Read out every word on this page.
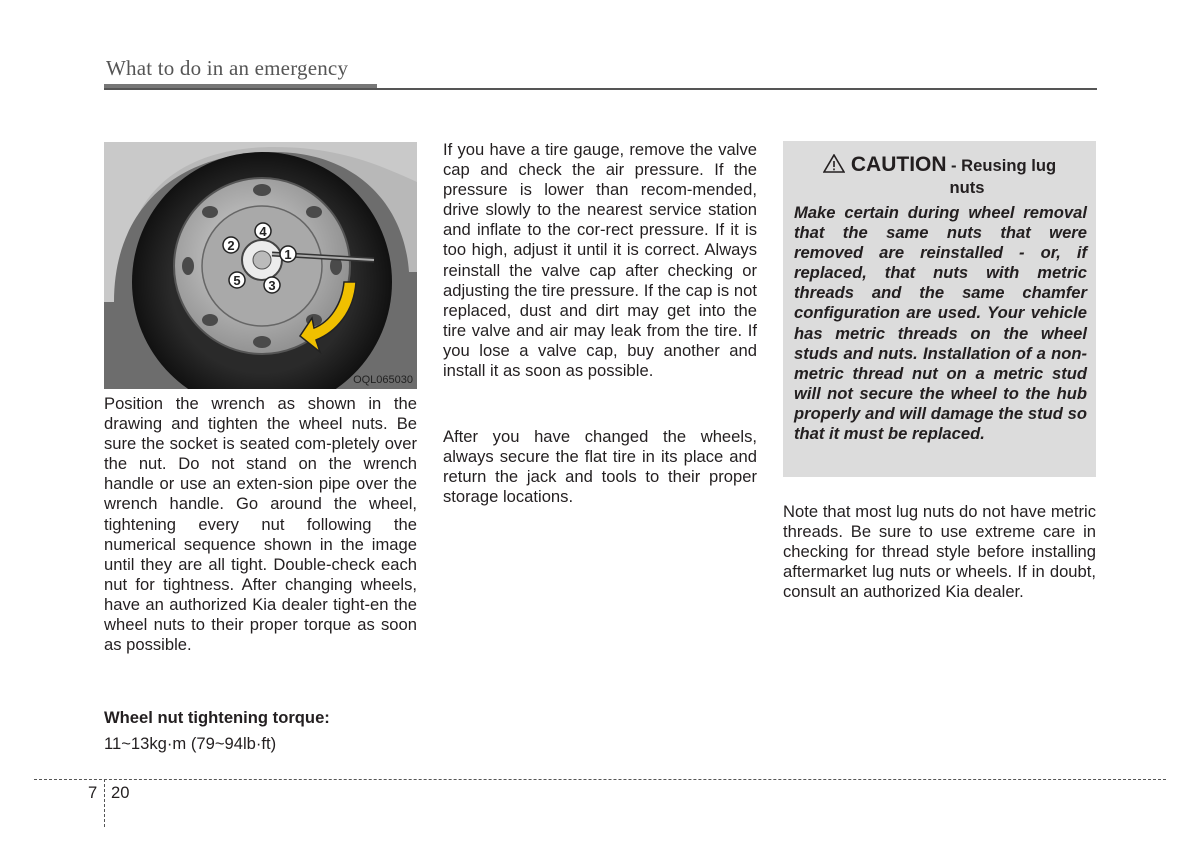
What to do in an emergency
1
2
3
4
5
OQL065030
Position the wrench as shown in the drawing and tighten the wheel nuts. Be sure the socket is seated com-pletely over the nut. Do not stand on the wrench handle or use an exten-sion pipe over the wrench handle. Go around the wheel, tightening every nut following the numerical sequence shown in the image until they are all tight. Double-check each nut for tightness. After changing wheels, have an authorized Kia dealer tight-en the wheel nuts to their proper torque as soon as possible.
Wheel nut tightening torque:
11~13kg·m (79~94lb·ft)
If you have a tire gauge, remove the valve cap and check the air pressure. If the pressure is lower than recom-mended, drive slowly to the nearest service station and inflate to the cor-rect pressure. If it is too high, adjust it until it is correct. Always reinstall the valve cap after checking or adjusting the tire pressure. If the cap is not replaced, dust and dirt may get into the tire valve and air may leak from the tire. If you lose a valve cap, buy another and install it as soon as possible.
After you have changed the wheels, always secure the flat tire in its place and return the jack and tools to their proper storage locations.
CAUTION - Reusing lug
nuts
Make certain during wheel removal that the same nuts that were removed are reinstalled - or, if replaced, that nuts with metric threads and the same chamfer configuration are used. Your vehicle has metric threads on the wheel studs and nuts. Installation of a non-metric thread nut on a metric stud will not secure the wheel to the hub properly and will damage the stud so that it must be replaced.
Note that most lug nuts do not have metric threads. Be sure to use extreme care in checking for thread style before installing aftermarket lug nuts or wheels. If in doubt, consult an authorized Kia dealer.
7 20
